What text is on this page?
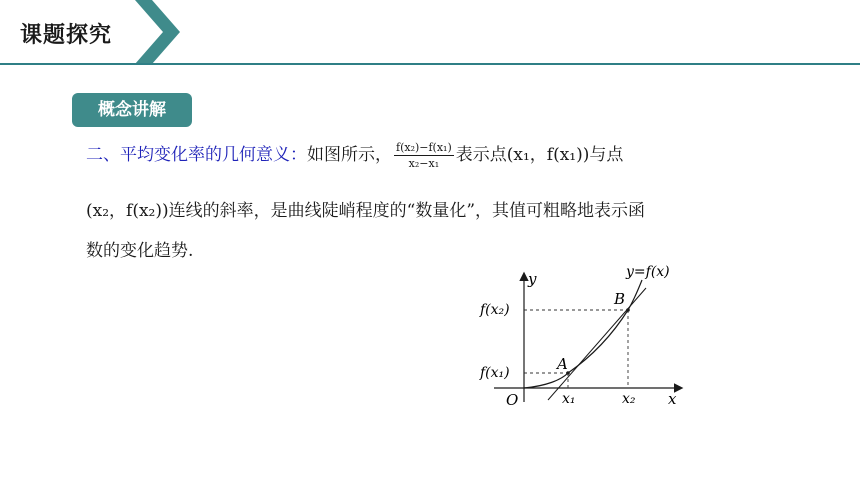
课题探究
概念讲解
二、平均变化率的几何意义：如图所示， $\frac{\text{f(x₂)−f(x₁)}}{\text{x₂−x₁}}$ 表示点(x₁，f(x₁))与点
(x₂，f(x₂))连线的斜率，是曲线陡峭程度的“数量化”，其值可粗略地表示函
数的变化趋势.
y
x
O
y=f(x)
A
B
f(x₂)
f(x₁)
x₁	x₂
